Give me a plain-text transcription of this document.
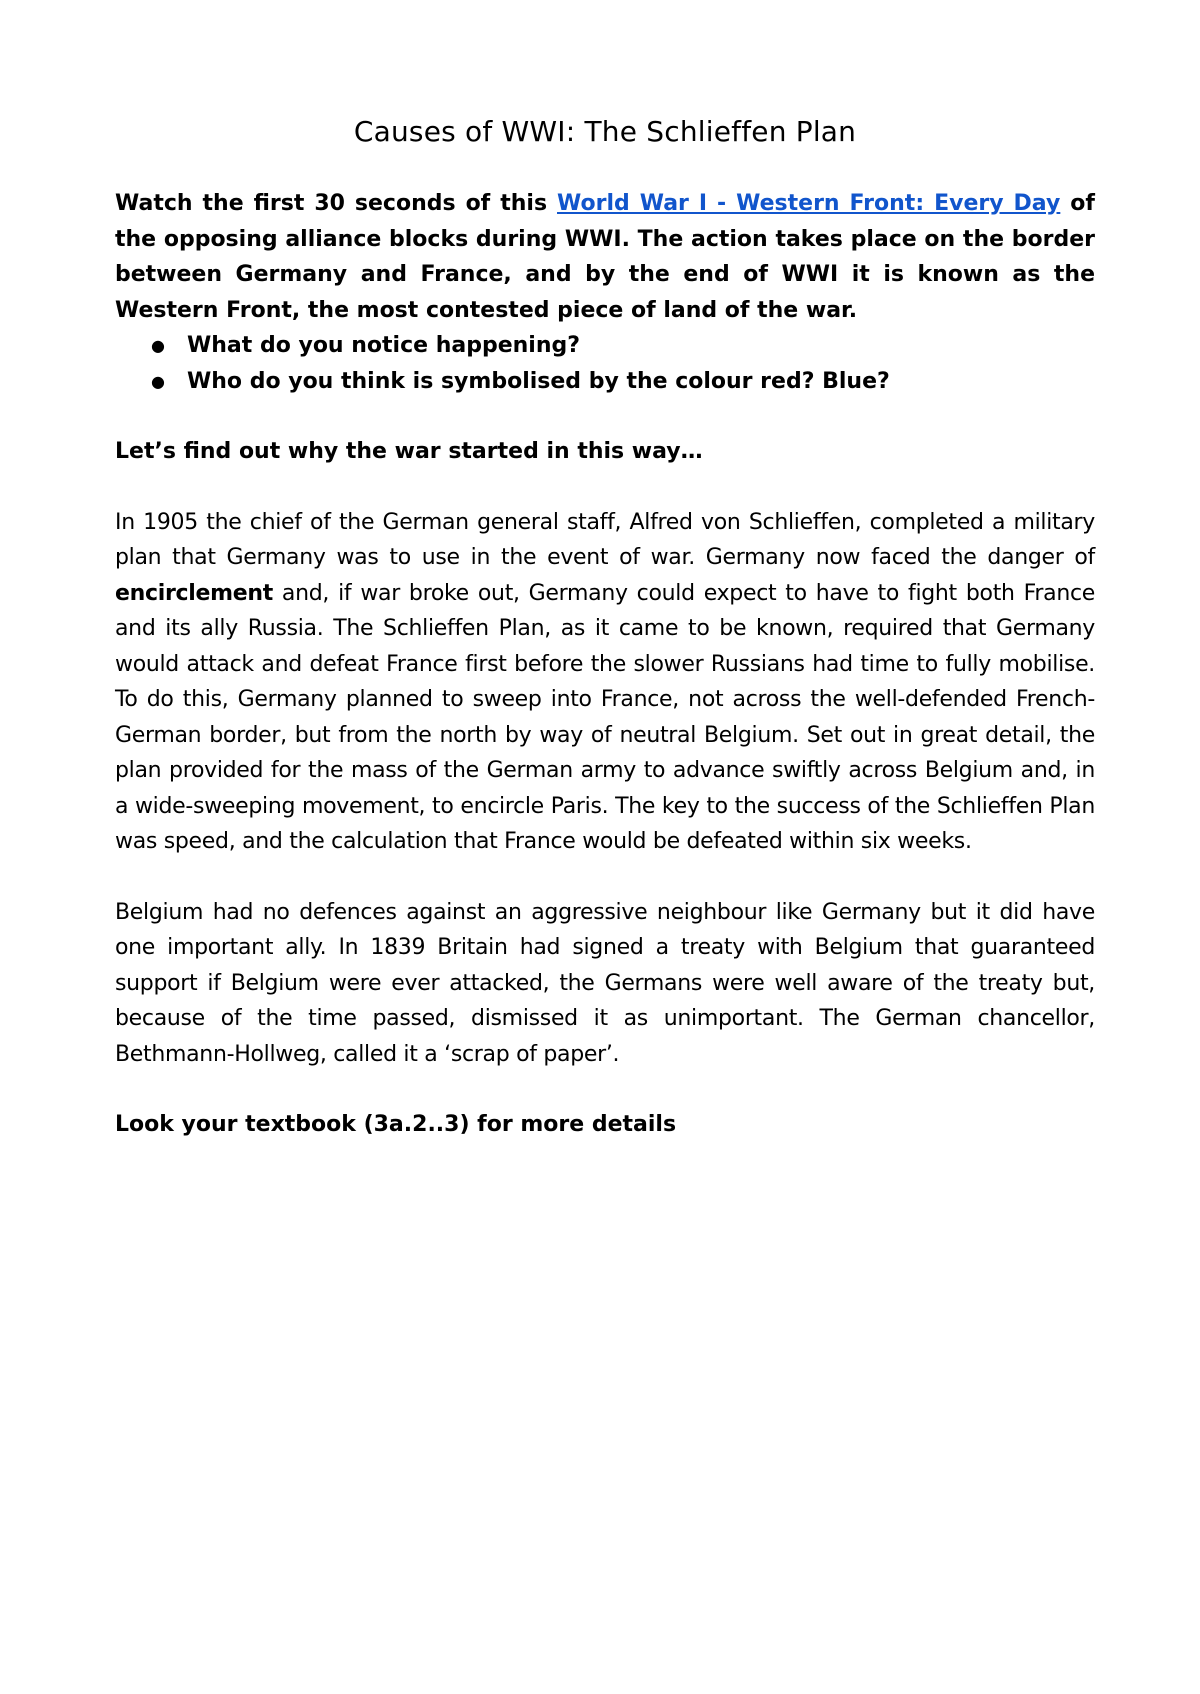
Causes of WWI: The Schlieffen Plan

Watch the first 30 seconds of this World War I - Western Front: Every Day of the opposing alliance blocks during WWI. The action takes place on the border between Germany and France, and by the end of WWI it is known as the Western Front, the most contested piece of land of the war.

● What do you notice happening?
● Who do you think is symbolised by the colour red? Blue?

Let’s find out why the war started in this way…

In 1905 the chief of the German general staff, Alfred von Schlieffen, completed a military plan that Germany was to use in the event of war. Germany now faced the danger of encirclement and, if war broke out, Germany could expect to have to fight both France and its ally Russia. The Schlieffen Plan, as it came to be known, required that Germany would attack and defeat France first before the slower Russians had time to fully mobilise. To do this, Germany planned to sweep into France, not across the well-defended French-German border, but from the north by way of neutral Belgium. Set out in great detail, the plan provided for the mass of the German army to advance swiftly across Belgium and, in a wide-sweeping movement, to encircle Paris. The key to the success of the Schlieffen Plan was speed, and the calculation that France would be defeated within six weeks.

Belgium had no defences against an aggressive neighbour like Germany but it did have one important ally. In 1839 Britain had signed a treaty with Belgium that guaranteed support if Belgium were ever attacked, the Germans were well aware of the treaty but, because of the time passed, dismissed it as unimportant. The German chancellor, Bethmann-Hollweg, called it a ‘scrap of paper’.

Look your textbook (3a.2..3) for more details
